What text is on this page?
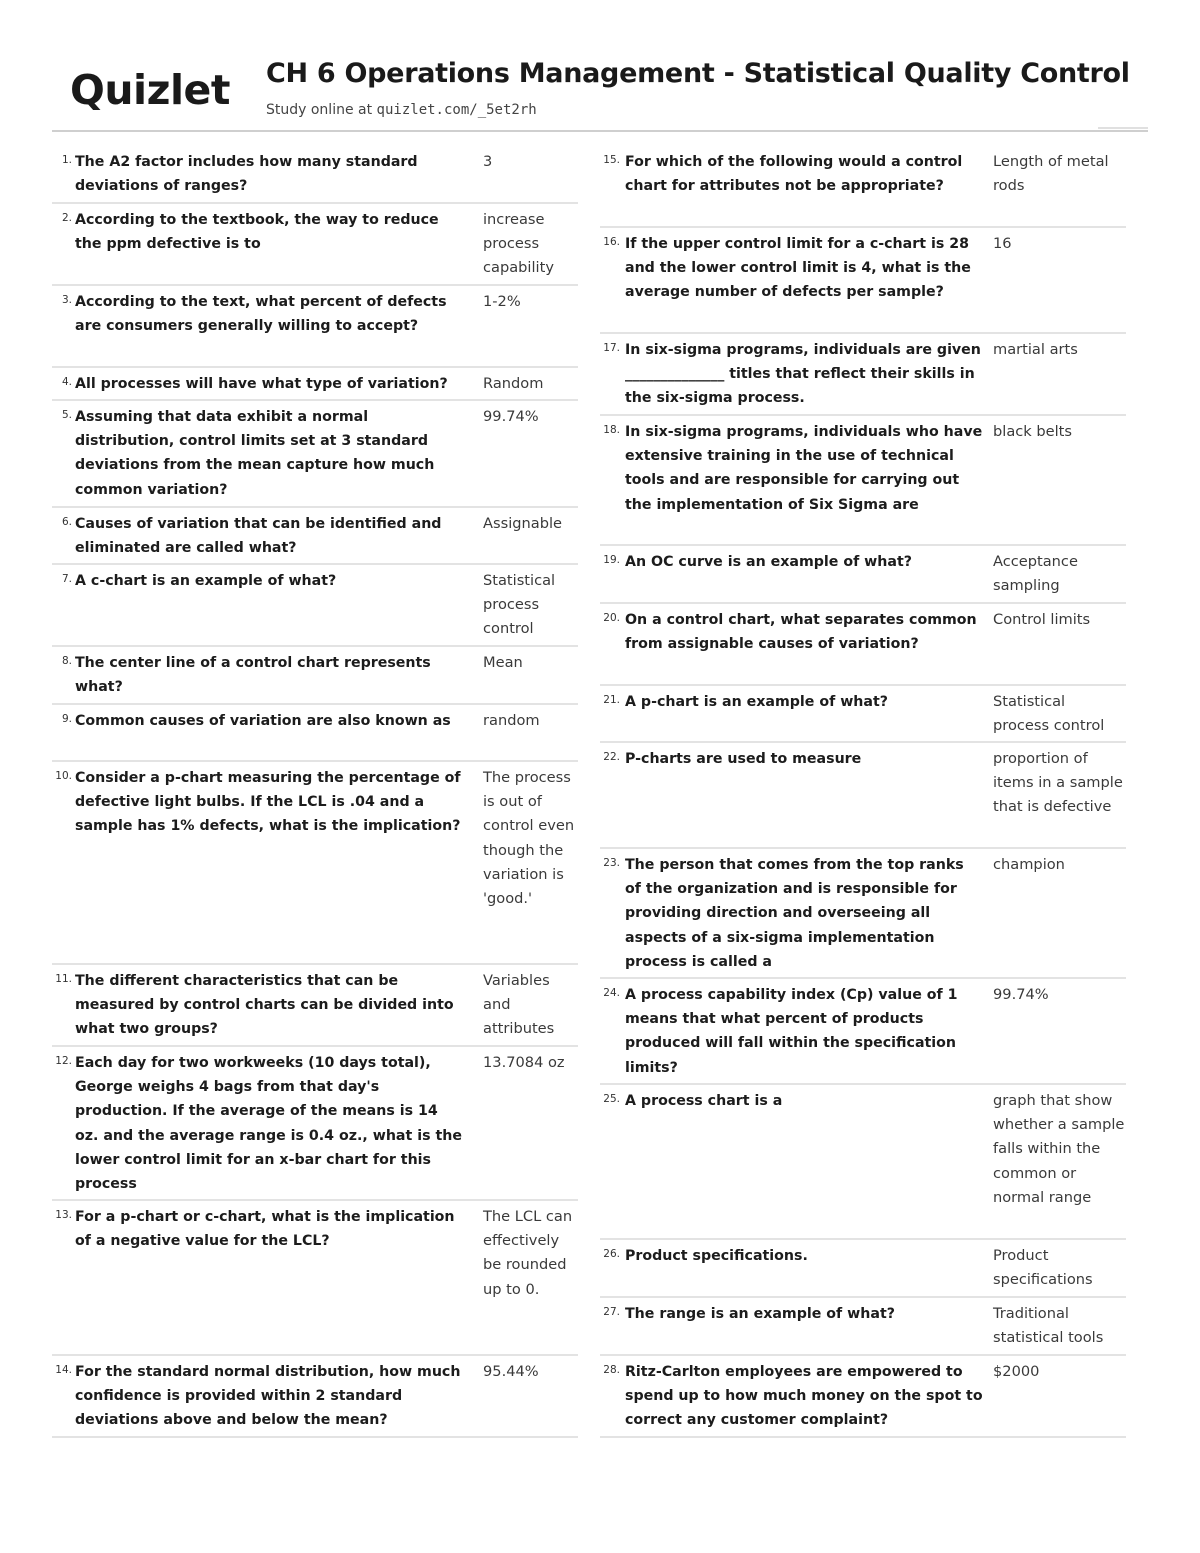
Quizlet CH 6 Operations Management - Statistical Quality Control
Study online at quizlet.com/_5et2rh
1. The A2 factor includes how many standard deviations of ranges?
3
2. According to the textbook, the way to reduce the ppm defective is to
increase process capability
3. According to the text, what percent of defects are consumers generally willing to accept?
1-2%
4. All processes will have what type of variation?	Random
5. Assuming that data exhibit a normal distribution, control limits set at 3 standard deviations from the mean capture how much common variation?
99.74%
6. Causes of variation that can be identified and eliminated are called what?
Assignable
7. A c-chart is an example of what?	Statistical process control
8. The center line of a control chart represents what?
Mean
9. Common causes of variation are also known as	random
10. Consider a p-chart measuring the percentage of defective light bulbs. If the LCL is .04 and a sample has 1% defects, what is the implication?
The process is out of control even though the variation is 'good.'
11. The different characteristics that can be measured by control charts can be divided into what two groups?
Variables and attributes
12. Each day for two workweeks (10 days total), George weighs 4 bags from that day's production. If the average of the means is 14 oz. and the average range is 0.4 oz., what is the lower control limit for an x-bar chart for this process
13.7084 oz
13. For a p-chart or c-chart, what is the implication of a negative value for the LCL?
The LCL can effectively be rounded up to 0.
14. For the standard normal distribution, how much confidence is provided within 2 standard deviations above and below the mean?
95.44%
15. For which of the following would a control chart for attributes not be appropriate?
Length of metal rods
16. If the upper control limit for a c-chart is 28 and the lower control limit is 4, what is the average number of defects per sample?
16
17. In six-sigma programs, individuals are given ______________ titles that reflect their skills in the six-sigma process.
martial arts
18. In six-sigma programs, individuals who have extensive training in the use of technical tools and are responsible for carrying out the implementation of Six Sigma are
black belts
19. An OC curve is an example of what?	Acceptance sampling
20. On a control chart, what separates common from assignable causes of variation?
Control limits
21. A p-chart is an example of what?	Statistical process control
22. P-charts are used to measure	proportion of items in a sample that is defective
23. The person that comes from the top ranks of the organization and is responsible for providing direction and overseeing all aspects of a six-sigma implementation process is called a
champion
24. A process capability index (Cp) value of 1 means that what percent of products produced will fall within the specification limits?
99.74%
25. A process chart is a	graph that show whether a sample falls within the common or normal range
26. Product specifications.	Product specifications
27. The range is an example of what?	Traditional statistical tools
28. Ritz-Carlton employees are empowered to spend up to how much money on the spot to correct any customer complaint?
$2000
